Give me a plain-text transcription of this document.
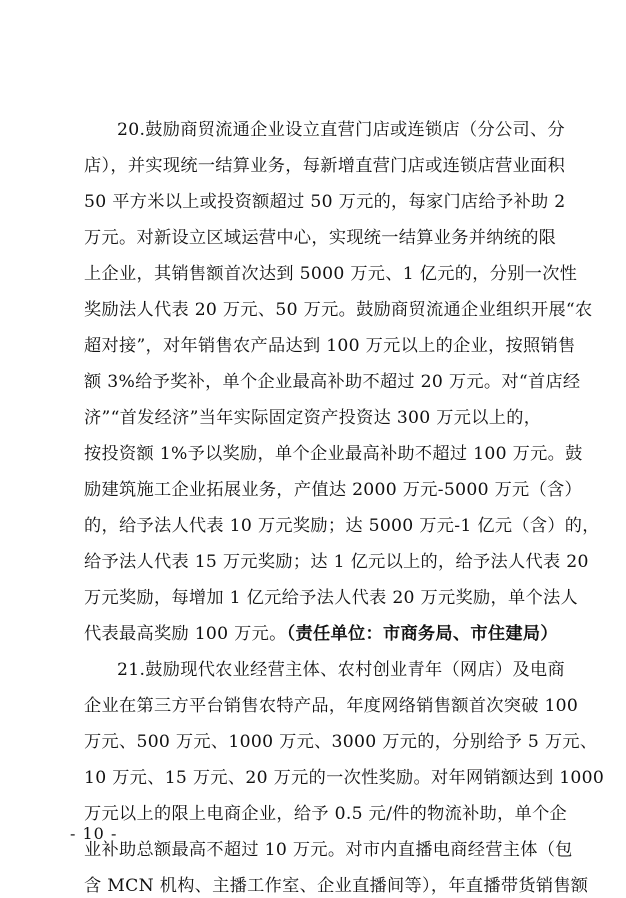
20.鼓励商贸流通企业设立直营门店或连锁店（分公司、分
店），并实现统一结算业务，每新增直营门店或连锁店营业面积
50 平方米以上或投资额超过 50 万元的，每家门店给予补助 2
万元。对新设立区域运营中心，实现统一结算业务并纳统的限
上企业，其销售额首次达到 5000 万元、1 亿元的，分别一次性
奖励法人代表 20 万元、50 万元。鼓励商贸流通企业组织开展“农
超对接”，对年销售农产品达到 100 万元以上的企业，按照销售
额 3%给予奖补，单个企业最高补助不超过 20 万元。对“首店经
济”“首发经济”当年实际固定资产投资达 300 万元以上的，
按投资额 1%予以奖励，单个企业最高补助不超过 100 万元。鼓
励建筑施工企业拓展业务，产值达 2000 万元-5000 万元（含）
的，给予法人代表 10 万元奖励；达 5000 万元-1 亿元（含）的，
给予法人代表 15 万元奖励；达 1 亿元以上的，给予法人代表 20
万元奖励，每增加 1 亿元给予法人代表 20 万元奖励，单个法人
代表最高奖励 100 万元。（责任单位：市商务局、市住建局）
21.鼓励现代农业经营主体、农村创业青年（网店）及电商
企业在第三方平台销售农特产品，年度网络销售额首次突破 100
万元、500 万元、1000 万元、3000 万元的，分别给予 5 万元、
10 万元、15 万元、20 万元的一次性奖励。对年网销额达到 1000
万元以上的限上电商企业，给予 0.5 元/件的物流补助，单个企
业补助总额最高不超过 10 万元。对市内直播电商经营主体（包
含 MCN 机构、主播工作室、企业直播间等），年直播带货销售额
- 10 -
